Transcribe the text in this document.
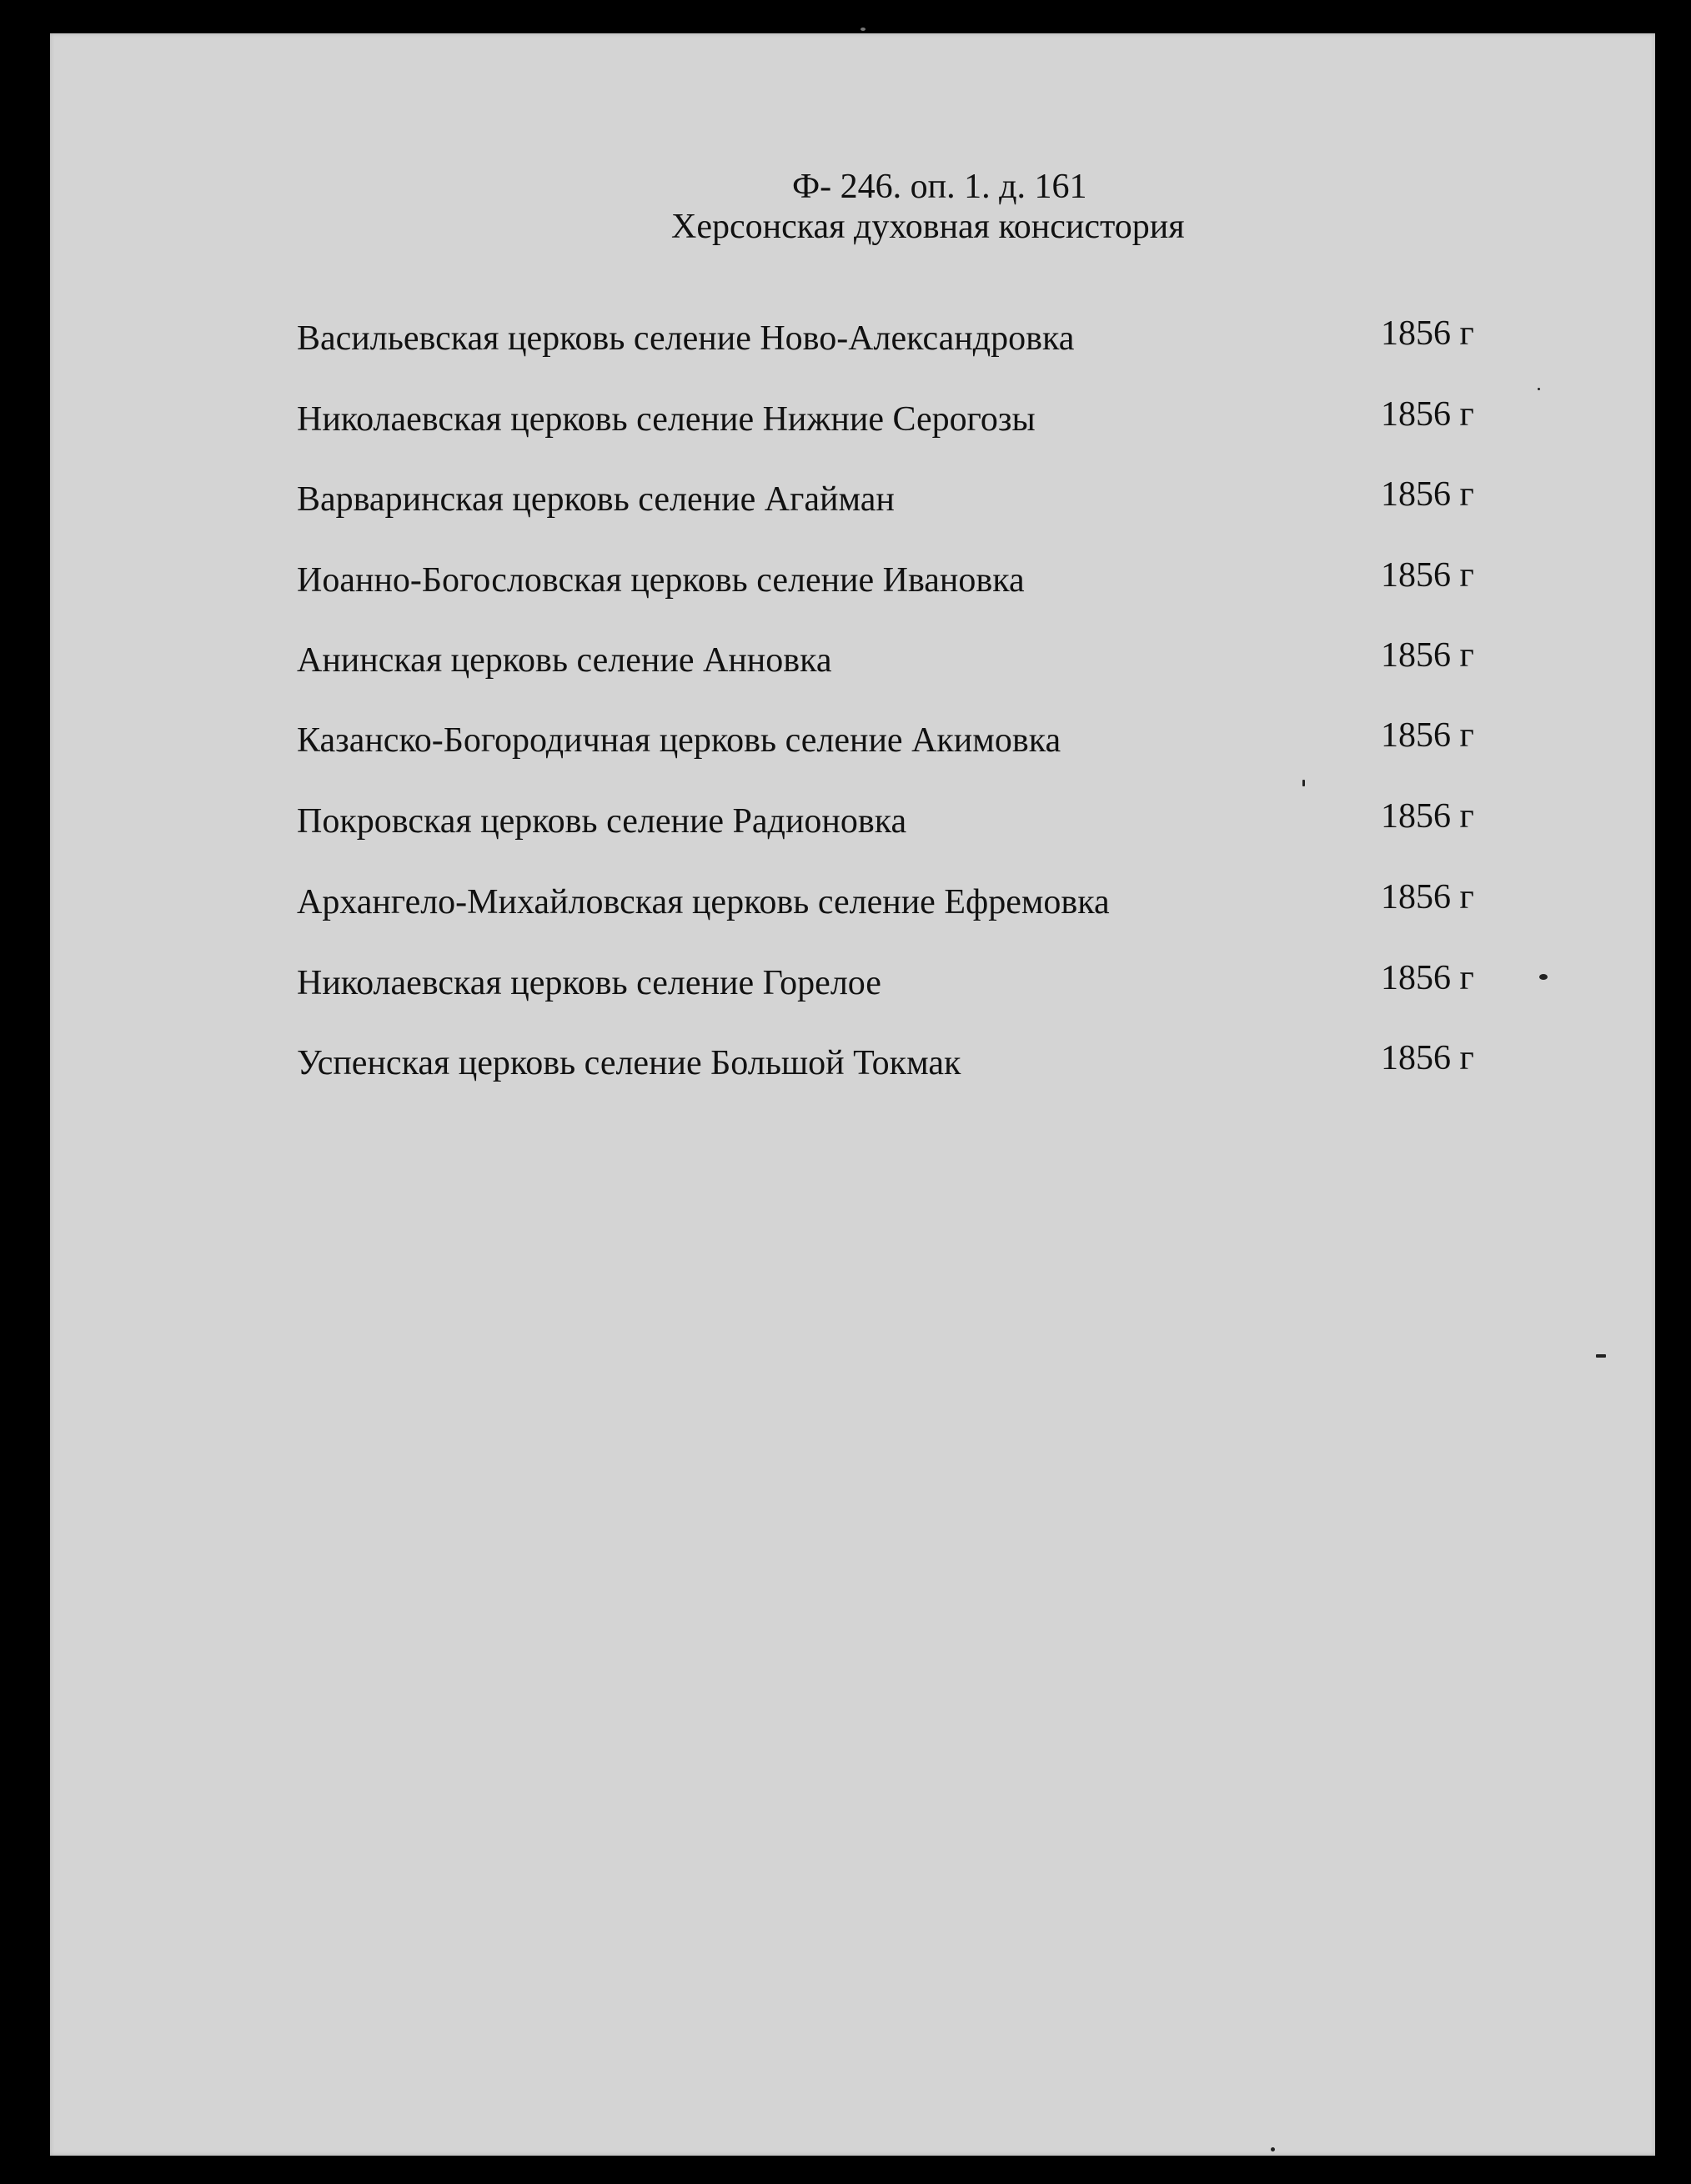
Ф- 246. оп. 1. д. 161
Херсонская духовная консистория
Васильевская церковь селение Ново-Александровка	1856 г
Николаевская церковь селение Нижние Серогозы	1856 г
Варваринская церковь селение Агайман	1856 г
Иоанно-Богословская церковь селение Ивановка	1856 г
Анинская церковь селение Анновка	1856 г
Казанско-Богородичная церковь селение Акимовка	1856 г
Покровская церковь селение Радионовка	1856 г
Архангело-Михайловская церковь селение Ефремовка	1856 г
Николаевская церковь селение Горелое	1856 г
Успенская церковь селение Большой Токмак	1856 г
